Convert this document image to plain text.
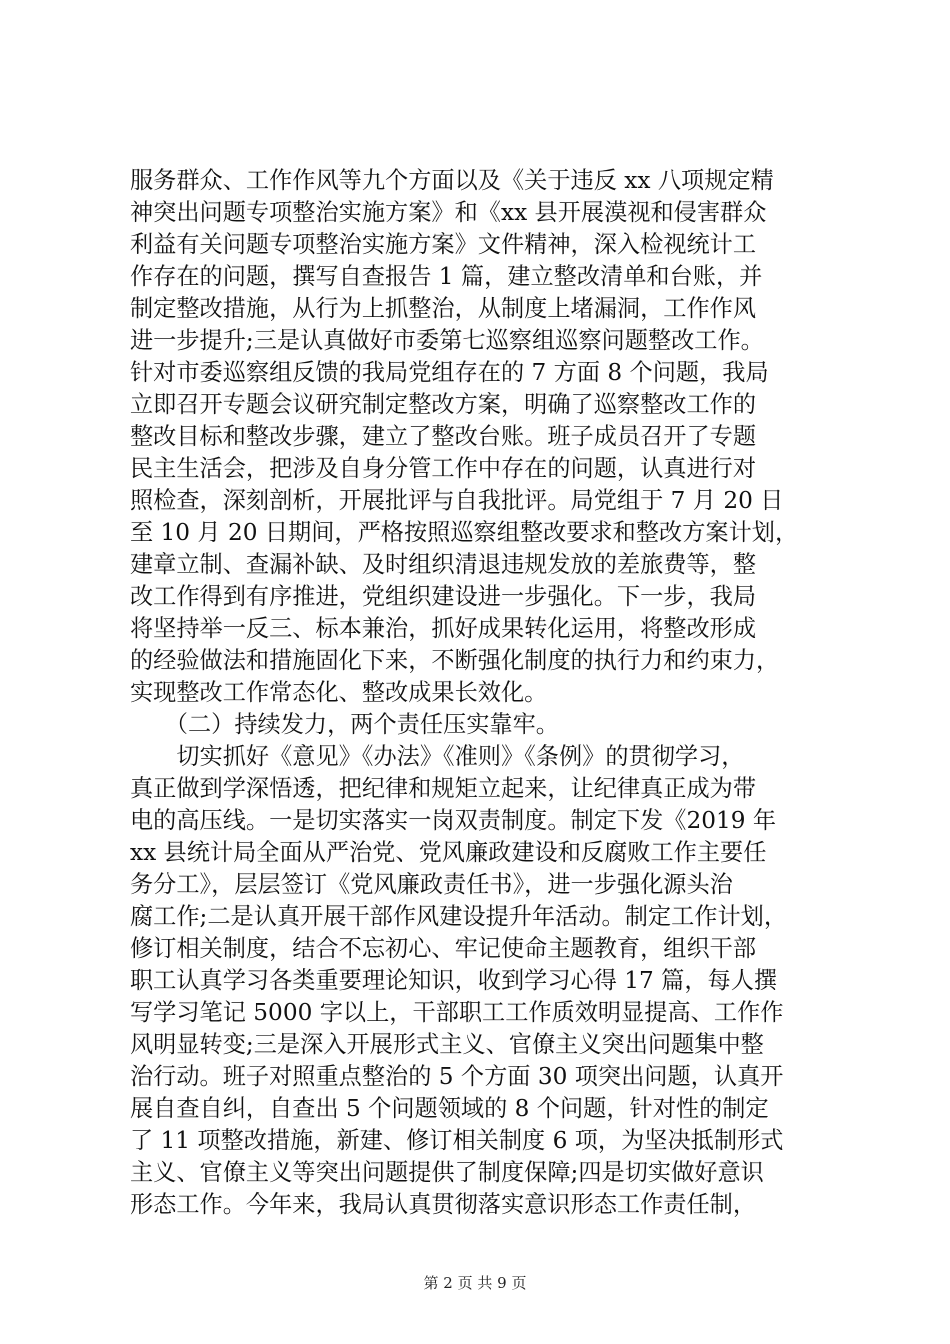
服务群众、工作作风等九个方面以及《关于违反 xx 八项规定精
神突出问题专项整治实施方案》和《xx 县开展漠视和侵害群众
利益有关问题专项整治实施方案》文件精神，深入检视统计工
作存在的问题，撰写自查报告 1 篇，建立整改清单和台账，并
制定整改措施，从行为上抓整治，从制度上堵漏洞，工作作风
进一步提升;三是认真做好市委第七巡察组巡察问题整改工作。
针对市委巡察组反馈的我局党组存在的 7 方面 8 个问题，我局
立即召开专题会议研究制定整改方案，明确了巡察整改工作的
整改目标和整改步骤，建立了整改台账。班子成员召开了专题
民主生活会，把涉及自身分管工作中存在的问题，认真进行对
照检查，深刻剖析，开展批评与自我批评。局党组于 7 月 20 日
至 10 月 20 日期间，严格按照巡察组整改要求和整改方案计划，
建章立制、查漏补缺、及时组织清退违规发放的差旅费等，整
改工作得到有序推进，党组织建设进一步强化。下一步，我局
将坚持举一反三、标本兼治，抓好成果转化运用，将整改形成
的经验做法和措施固化下来，不断强化制度的执行力和约束力，
实现整改工作常态化、整改成果长效化。
　　（二）持续发力，两个责任压实靠牢。
　　切实抓好《意见》《办法》《准则》《条例》的贯彻学习，
真正做到学深悟透，把纪律和规矩立起来，让纪律真正成为带
电的高压线。一是切实落实一岗双责制度。制定下发《2019 年
xx 县统计局全面从严治党、党风廉政建设和反腐败工作主要任
务分工》，层层签订《党风廉政责任书》，进一步强化源头治
腐工作;二是认真开展干部作风建设提升年活动。制定工作计划，
修订相关制度，结合不忘初心、牢记使命主题教育，组织干部
职工认真学习各类重要理论知识，收到学习心得 17 篇，每人撰
写学习笔记 5000 字以上，干部职工工作质效明显提高、工作作
风明显转变;三是深入开展形式主义、官僚主义突出问题集中整
治行动。班子对照重点整治的 5 个方面 30 项突出问题，认真开
展自查自纠，自查出 5 个问题领域的 8 个问题，针对性的制定
了 11 项整改措施，新建、修订相关制度 6 项，为坚决抵制形式
主义、官僚主义等突出问题提供了制度保障;四是切实做好意识
形态工作。今年来，我局认真贯彻落实意识形态工作责任制，
第 2 页 共 9 页
